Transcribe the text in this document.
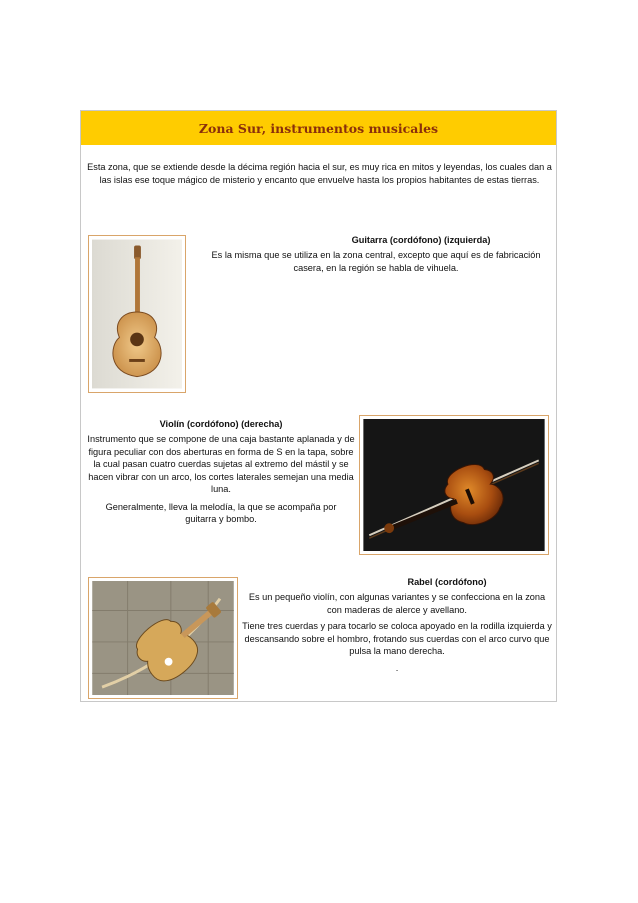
Zona Sur, instrumentos musicales

Esta zona, que se extiende desde la décima región hacia el sur, es muy rica en mitos y leyendas, los cuales dan a las islas ese toque mágico de misterio y encanto que envuelve hasta los propios habitantes de estas tierras.

Guitarra (cordófono) (izquierda)

Es la misma que se utiliza en la zona central, excepto que aquí es de fabricación casera, en la región se habla de vihuela.

Violín (cordófono) (derecha)

Instrumento que se compone de una caja bastante aplanada y de figura peculiar con dos aberturas en forma de S en la tapa, sobre la cual pasan cuatro cuerdas sujetas al extremo del mástil y se hacen vibrar con un arco, los cortes laterales semejan una media luna.

Generalmente, lleva la melodía, la que se acompaña por guitarra y bombo.

Rabel (cordófono)

Es un pequeño violín, con algunas variantes y se confecciona en la zona con maderas de alerce y avellano.

Tiene tres cuerdas y para tocarlo se coloca apoyado en la rodilla izquierda y descansando sobre el hombro, frotando sus cuerdas con el arco curvo que pulsa la mano derecha.

.
